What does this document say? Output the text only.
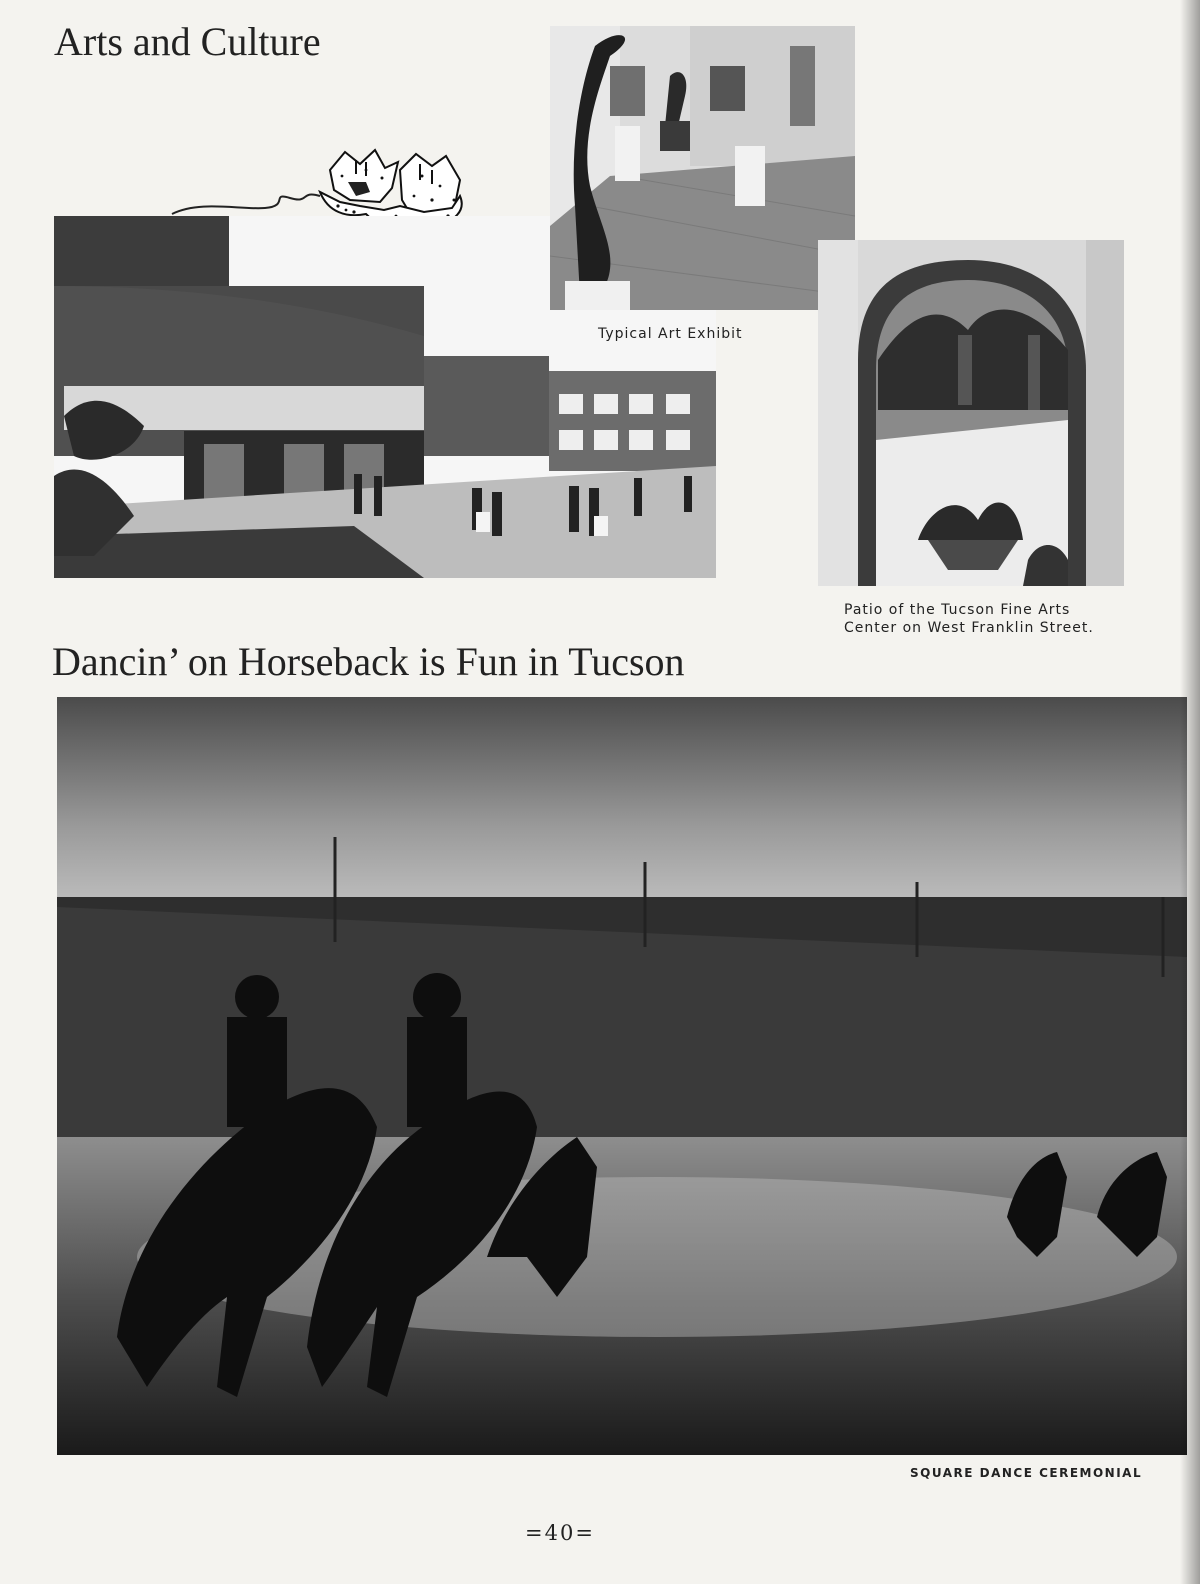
Arts and Culture
Typical Art Exhibit
Patio of the Tucson Fine Arts
Center on West Franklin Street.
Dancin’ on Horseback is Fun in Tucson
SQUARE DANCE CEREMONIAL
=40=
